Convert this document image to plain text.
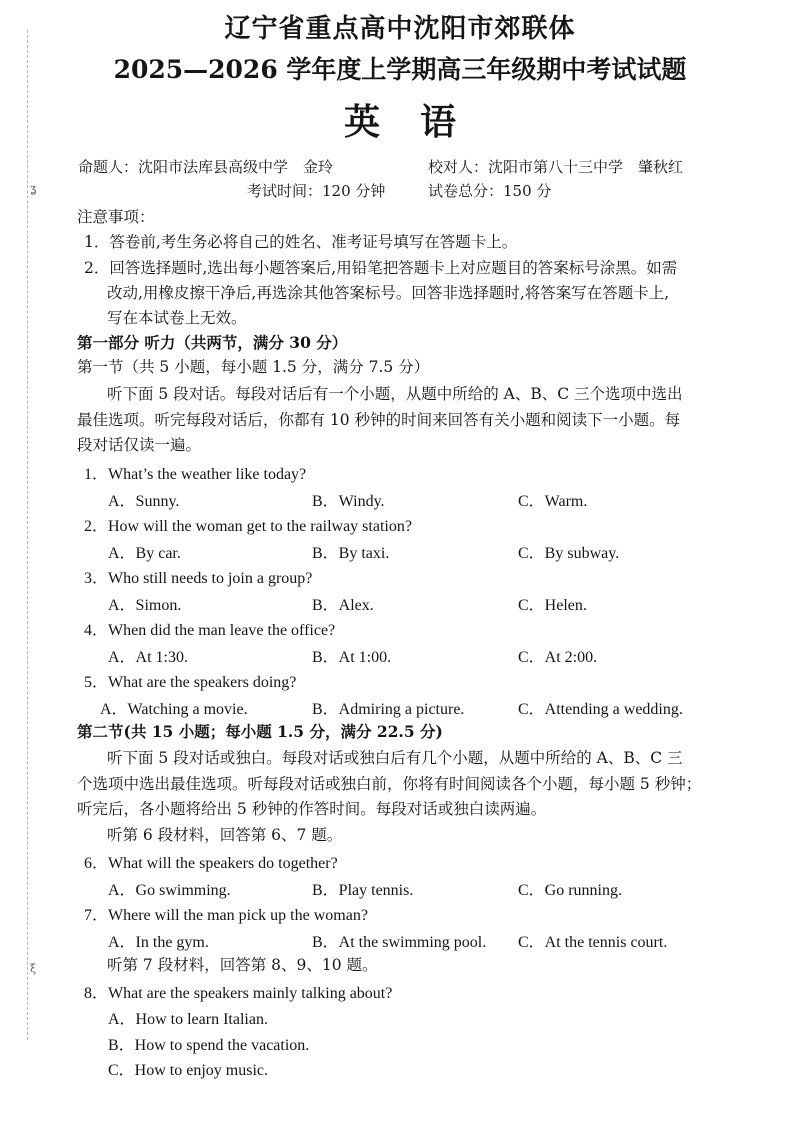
ʓ
ξ
辽宁省重点高中沈阳市郊联体
2025—2026 学年度上学期高三年级期中考试试题
英 语
命题人：沈阳市法库县高级中学　金玲	校对人：沈阳市第八十三中学　肇秋红
考试时间：120 分钟	试卷总分：150 分
注意事项：
1．答卷前,考生务必将自己的姓名、准考证号填写在答题卡上。
2．回答选择题时,选出每小题答案后,用铅笔把答题卡上对应题目的答案标号涂黑。如需
改动,用橡皮擦干净后,再选涂其他答案标号。回答非选择题时,将答案写在答题卡上,
写在本试卷上无效。
第一部分 听力（共两节，满分 30 分）
第一节（共 5 小题，每小题 1.5 分，满分 7.5 分）
听下面 5 段对话。每段对话后有一个小题，从题中所给的 A、B、C 三个选项中选出
最佳选项。听完每段对话后，你都有 10 秒钟的时间来回答有关小题和阅读下一小题。每
段对话仅读一遍。
1．What’s the weather like today?
A．Sunny.	B．Windy.	C．Warm.
2．How will the woman get to the railway station?
A．By car.	B．By taxi.	C．By subway.
3．Who still needs to join a group?
A．Simon.	B．Alex.	C．Helen.
4．When did the man leave the office?
A．At 1:30.	B．At 1:00.	C．At 2:00.
5．What are the speakers doing?
A．Watching a movie.	B．Admiring a picture.	C．Attending a wedding.
第二节(共 15 小题；每小题 1.5 分，满分 22.5 分)
听下面 5 段对话或独白。每段对话或独白后有几个小题，从题中所给的 A、B、C 三
个选项中选出最佳选项。听每段对话或独白前，你将有时间阅读各个小题，每小题 5 秒钟；
听完后，各小题将给出 5 秒钟的作答时间。每段对话或独白读两遍。
听第 6 段材料，回答第 6、7 题。
6．What will the speakers do together?
A．Go swimming.	B．Play tennis.	C．Go running.
7．Where will the man pick up the woman?
A．In the gym.	B．At the swimming pool. C．At the tennis court.
听第 7 段材料，回答第 8、9、10 题。
8．What are the speakers mainly talking about?
A．How to learn Italian.
B．How to spend the vacation.
C．How to enjoy music.
